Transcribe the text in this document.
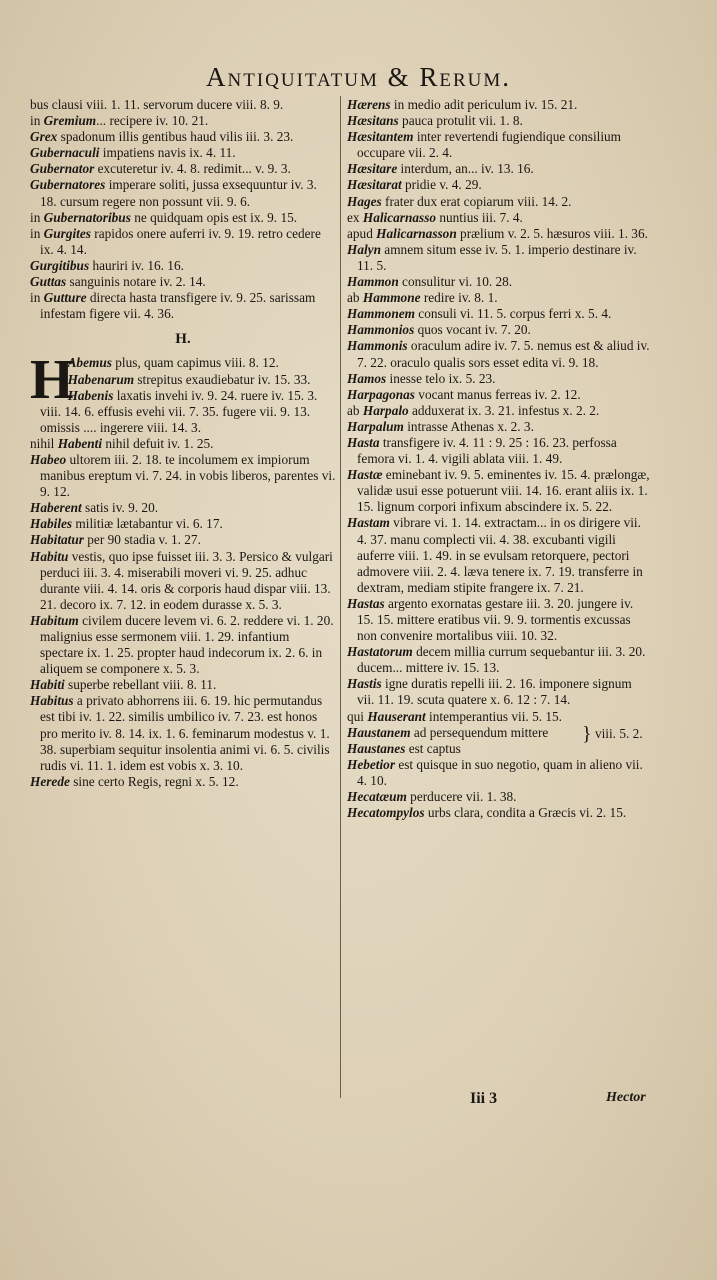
Antiquitatum & Rerum.
bus clausi viii. 1. 11. servorum ducere viii. 8. 9.
in Gremium... recipere iv. 10. 21.
Grex spadonum illis gentibus haud vilis iii. 3. 23.
Gubernaculi impatiens navis ix. 4. 11.
Gubernator excuteretur iv. 4. 8. redimit... v. 9. 3.
Gubernatores imperare soliti, jussa exsequuntur iv. 3. 18. cursum regere non possunt vii. 9. 6.
in Gubernatoribus ne quidquam opis est ix. 9. 15.
in Gurgites rapidos onere auferri iv. 9. 19. retro cedere ix. 4. 14.
Gurgitibus hauriri iv. 16. 16.
Guttas sanguinis notare iv. 2. 14.
in Gutture directa hasta transfigere iv. 9. 25. sarissam infestam figere vii. 4. 36.
H.
H
Abemus plus, quam capimus viii. 8. 12.
Habenarum strepitus exaudiebatur iv. 15. 33.
Habenis laxatis invehi iv. 9. 24. ruere iv. 15. 3. viii. 14. 6. effusis evehi vii. 7. 35. fugere vii. 9. 13. omissis .... ingerere viii. 14. 3.
nihil Habenti nihil defuit iv. 1. 25.
Habeo ultorem iii. 2. 18. te incolumem ex impiorum manibus ereptum vi. 7. 24. in vobis liberos, parentes vi. 9. 12.
Haberent satis iv. 9. 20.
Habiles militiæ lætabantur vi. 6. 17.
Habitatur per 90 stadia v. 1. 27.
Habitu vestis, quo ipse fuisset iii. 3. 3. Persico & vulgari perduci iii. 3. 4. miserabili moveri vi. 9. 25. adhuc durante viii. 4. 14. oris & corporis haud dispar viii. 13. 21. decoro ix. 7. 12. in eodem durasse x. 5. 3.
Habitum civilem ducere levem vi. 6. 2. reddere vi. 1. 20. malignius esse sermonem viii. 1. 29. infantium spectare ix. 1. 25. propter haud indecorum ix. 2. 6. in aliquem se componere x. 5. 3.
Habiti superbe rebellant viii. 8. 11.
Habitus a privato abhorrens iii. 6. 19. hic permutandus est tibi iv. 1. 22. similis umbilico iv. 7. 23. est honos pro merito iv. 8. 14. ix. 1. 6. feminarum modestus v. 1. 38. superbiam sequitur insolentia animi vi. 6. 5. civilis rudis vi. 11. 1. idem est vobis x. 3. 10.
Herede sine certo Regis, regni x. 5. 12.
Hærens in medio adit periculum iv. 15. 21.
Hæsitans pauca protulit vii. 1. 8.
Hæsitantem inter revertendi fugiendique consilium occupare vii. 2. 4.
Hæsitare interdum, an... iv. 13. 16.
Hæsitarat pridie v. 4. 29.
Hages frater dux erat copiarum viii. 14. 2.
ex Halicarnasso nuntius iii. 7. 4.
apud Halicarnasson prælium v. 2. 5. hæsuros viii. 1. 36.
Halyn amnem situm esse iv. 5. 1. imperio destinare iv. 11. 5.
Hammon consulitur vi. 10. 28.
ab Hammone redire iv. 8. 1.
Hammonem consuli vi. 11. 5. corpus ferri x. 5. 4.
Hammonios quos vocant iv. 7. 20.
Hammonis oraculum adire iv. 7. 5. nemus est & aliud iv. 7. 22. oraculo qualis sors esset edita vi. 9. 18.
Hamos inesse telo ix. 5. 23.
Harpagonas vocant manus ferreas iv. 2. 12.
ab Harpalo adduxerat ix. 3. 21. infestus x. 2. 2.
Harpalum intrasse Athenas x. 2. 3.
Hasta transfigere iv. 4. 11 : 9. 25 : 16. 23. perfossa femora vi. 1. 4. vigili ablata viii. 1. 49.
Hastæ eminebant iv. 9. 5. eminentes iv. 15. 4. prælongæ, validæ usui esse potuerunt viii. 14. 16. erant aliis ix. 1. 15. lignum corpori infixum abscindere ix. 5. 22.
Hastam vibrare vi. 1. 14. extractam... in os dirigere vii. 4. 37. manu complecti vii. 4. 38. excubanti vigili auferre viii. 1. 49. in se evulsam retorquere, pectori admovere viii. 2. 4. læva tenere ix. 7. 19. transferre in dextram, mediam stipite frangere ix. 7. 21.
Hastas argento exornatas gestare iii. 3. 20. jungere iv. 15. 15. mittere eratibus vii. 9. 9. tormentis excussas non convenire mortalibus viii. 10. 32.
Hastatorum decem millia currum sequebantur iii. 3. 20. ducem... mittere iv. 15. 13.
Hastis igne duratis repelli iii. 2. 16. imponere signum vii. 11. 19. scuta quatere x. 6. 12 : 7. 14.
qui Hauserant intemperantius vii. 5. 15.
Haustanem ad persequendum mittere
Haustanes est captus
} viii. 5. 2.
Hebetior est quisque in suo negotio, quam in alieno vii. 4. 10.
Hecatæum perducere vii. 1. 38.
Hecatompylos urbs clara, condita a Græcis vi. 2. 15.
Iii 3	Hector
